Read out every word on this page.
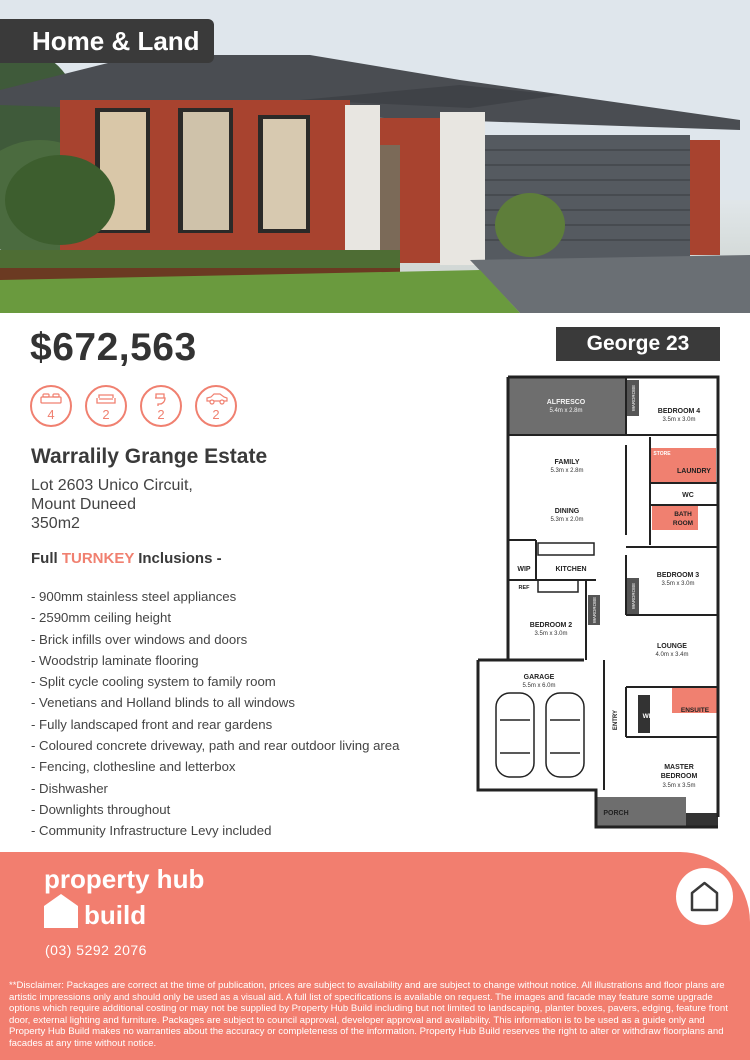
Home & Land
$672,563	George 23
4	2	2	2
Warralily Grange Estate
Lot 2603 Unico Circuit,
Mount Duneed
350m2
Full TURNKEY Inclusions -
- 900mm stainless steel appliances
- 2590mm ceiling height
- Brick infills over windows and doors
- Woodstrip laminate flooring
- Split cycle cooling system to family room
- Venetians and Holland blinds to all windows
- Fully landscaped front and rear gardens
- Coloured concrete driveway, path and rear outdoor living area
- Fencing, clothesline and letterbox
- Dishwasher
- Downlights throughout
- Community Infrastructure Levy included
ALFRESCO
FAMILY
DINING
KITCHEN
WIP
REF
BEDROOM 2
GARAGE
BEDROOM 4
STORE
LAUNDRY
WC
BATH
ROOM
BEDROOM 3
LOUNGE
ENSUITE
WIR
MASTER
BEDROOM
PORCH
5.4m x 2.8m
5.3m x 2.8m
5.3m x 2.0m
3.5m x 3.0m
5.5m x 6.0m
3.5m x 3.0m
3.5m x 3.0m
4.0m x 3.4m
3.5m x 3.5m
WARDROBE
WARDROBE
WARDROBE
ENTRY
property hub
build
(03) 5292 2076
**Disclaimer: Packages are correct at the time of publication, prices are subject to availability and are subject to change without notice. All illustrations and floor plans are artistic impressions only and should only be used as a visual aid. A full list of specifications is available on request. The images and facade may feature some upgrade options which require additional costing or may not be supplied by Property Hub Build including but not limited to landscaping, planter boxes, pavers, edging, feature front door, external lighting and furniture. Packages are subject to council approval, developer approval and availability. This information is to be used as a guide only and Property Hub Build makes no warranties about the accuracy or completeness of the information. Property Hub Build reserves the right to alter or withdraw floorplans and facades at any time without notice.
